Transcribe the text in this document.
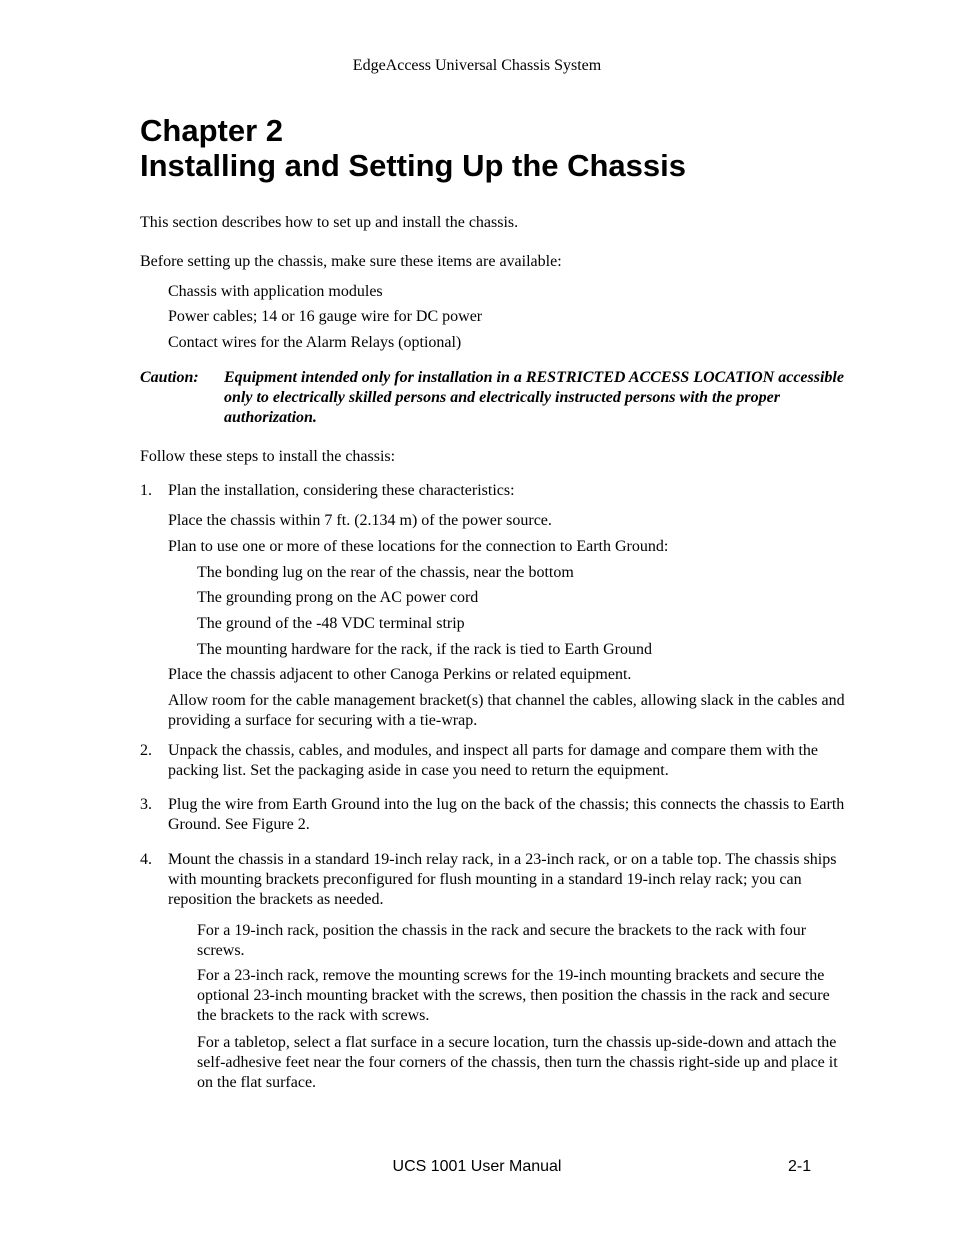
EdgeAccess Universal Chassis System
Chapter 2
Installing and Setting Up the Chassis

This section describes how to set up and install the chassis.

Before setting up the chassis, make sure these items are available:

Chassis with application modules
Power cables; 14 or 16 gauge wire for DC power
Contact wires for the Alarm Relays (optional)
Caution: Equipment intended only for installation in a RESTRICTED ACCESS LOCATION accessible only to electrically skilled persons and electrically instructed persons with the proper authorization.

Follow these steps to install the chassis:

1.	Plan the installation, considering these characteristics:
Place the chassis within 7 ft. (2.134 m) of the power source.
Plan to use one or more of these locations for the connection to Earth Ground:
The bonding lug on the rear of the chassis, near the bottom
The grounding prong on the AC power cord
The ground of the -48 VDC terminal strip
The mounting hardware for the rack, if the rack is tied to Earth Ground
Place the chassis adjacent to other Canoga Perkins or related equipment.
Allow room for the cable management bracket(s) that channel the cables, allowing slack in the cables and providing a surface for securing with a tie-wrap.
2.	Unpack the chassis, cables, and modules, and inspect all parts for damage and compare them with the packing list. Set the packaging aside in case you need to return the equipment.
3.	Plug the wire from Earth Ground into the lug on the back of the chassis; this connects the chassis to Earth Ground. See Figure 2.
4.	Mount the chassis in a standard 19-inch relay rack, in a 23-inch rack, or on a table top. The chassis ships with mounting brackets preconfigured for flush mounting in a standard 19-inch relay rack; you can reposition the brackets as needed.
For a 19-inch rack, position the chassis in the rack and secure the brackets to the rack with four screws.
For a 23-inch rack, remove the mounting screws for the 19-inch mounting brackets and secure the optional 23-inch mounting bracket with the screws, then position the chassis in the rack and secure the brackets to the rack with screws.
For a tabletop, select a flat surface in a secure location, turn the chassis up-side-down and attach the self-adhesive feet near the four corners of the chassis, then turn the chassis right-side up and place it on the flat surface.
UCS 1001 User Manual	2-1
